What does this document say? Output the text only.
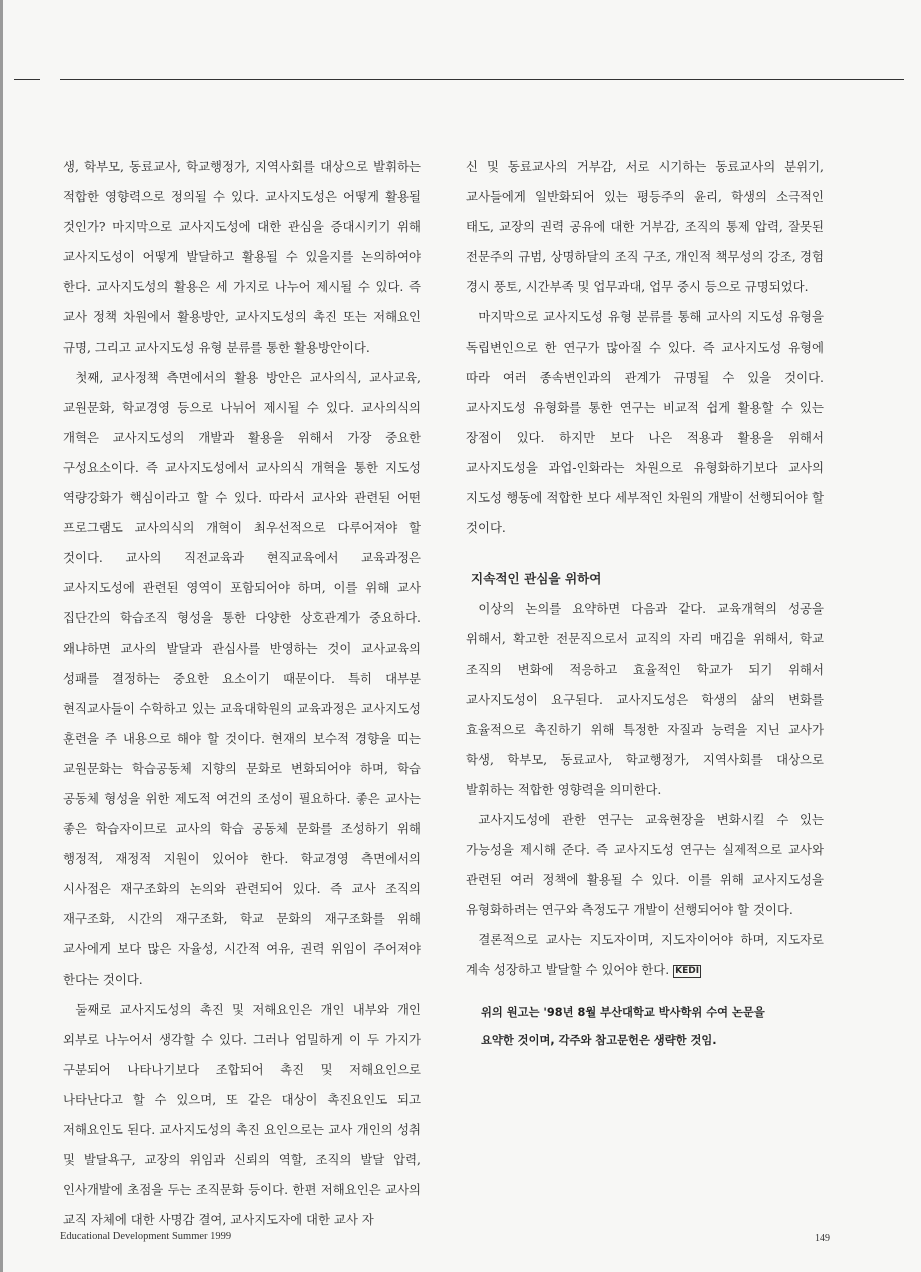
생, 학부모, 동료교사, 학교행정가, 지역사회를 대상으로 발휘하는 적합한 영향력으로 정의될 수 있다. 교사지도성은 어떻게 활용될 것인가? 마지막으로 교사지도성에 대한 관심을 증대시키기 위해 교사지도성이 어떻게 발달하고 활용될 수 있을지를 논의하여야 한다. 교사지도성의 활용은 세 가지로 나누어 제시될 수 있다. 즉 교사 정책 차원에서 활용방안, 교사지도성의 촉진 또는 저해요인 규명, 그리고 교사지도성 유형 분류를 통한 활용방안이다.

첫째, 교사정책 측면에서의 활용 방안은 교사의식, 교사교육, 교원문화, 학교경영 등으로 나뉘어 제시될 수 있다. 교사의식의 개혁은 교사지도성의 개발과 활용을 위해서 가장 중요한 구성요소이다. 즉 교사지도성에서 교사의식 개혁을 통한 지도성 역량강화가 핵심이라고 할 수 있다. 따라서 교사와 관련된 어떤 프로그램도 교사의식의 개혁이 최우선적으로 다루어져야 할 것이다. 교사의 직전교육과 현직교육에서 교육과정은 교사지도성에 관련된 영역이 포함되어야 하며, 이를 위해 교사 집단간의 학습조직 형성을 통한 다양한 상호관계가 중요하다. 왜냐하면 교사의 발달과 관심사를 반영하는 것이 교사교육의 성패를 결정하는 중요한 요소이기 때문이다. 특히 대부분 현직교사들이 수학하고 있는 교육대학원의 교육과정은 교사지도성 훈련을 주 내용으로 해야 할 것이다. 현재의 보수적 경향을 띠는 교원문화는 학습공동체 지향의 문화로 변화되어야 하며, 학습 공동체 형성을 위한 제도적 여건의 조성이 필요하다. 좋은 교사는 좋은 학습자이므로 교사의 학습 공동체 문화를 조성하기 위해 행정적, 재정적 지원이 있어야 한다. 학교경영 측면에서의 시사점은 재구조화의 논의와 관련되어 있다. 즉 교사 조직의 재구조화, 시간의 재구조화, 학교 문화의 재구조화를 위해 교사에게 보다 많은 자율성, 시간적 여유, 권력 위임이 주어져야 한다는 것이다.

둘째로 교사지도성의 촉진 및 저해요인은 개인 내부와 개인 외부로 나누어서 생각할 수 있다. 그러나 엄밀하게 이 두 가지가 구분되어 나타나기보다 조합되어 촉진 및 저해요인으로 나타난다고 할 수 있으며, 또 같은 대상이 촉진요인도 되고 저해요인도 된다. 교사지도성의 촉진 요인으로는 교사 개인의 성취 및 발달욕구, 교장의 위임과 신뢰의 역할, 조직의 발달 압력, 인사개발에 초점을 두는 조직문화 등이다. 한편 저해요인은 교사의 교직 자체에 대한 사명감 결여, 교사지도자에 대한 교사 자

신 및 동료교사의 거부감, 서로 시기하는 동료교사의 분위기, 교사들에게 일반화되어 있는 평등주의 윤리, 학생의 소극적인 태도, 교장의 권력 공유에 대한 거부감, 조직의 통제 압력, 잘못된 전문주의 규범, 상명하달의 조직 구조, 개인적 책무성의 강조, 경험 경시 풍토, 시간부족 및 업무과대, 업무 중시 등으로 규명되었다.

마지막으로 교사지도성 유형 분류를 통해 교사의 지도성 유형을 독립변인으로 한 연구가 많아질 수 있다. 즉 교사지도성 유형에 따라 여러 종속변인과의 관계가 규명될 수 있을 것이다. 교사지도성 유형화를 통한 연구는 비교적 쉽게 활용할 수 있는 장점이 있다. 하지만 보다 나은 적용과 활용을 위해서 교사지도성을 과업-인화라는 차원으로 유형화하기보다 교사의 지도성 행동에 적합한 보다 세부적인 차원의 개발이 선행되어야 할 것이다.

지속적인 관심을 위하여

이상의 논의를 요약하면 다음과 같다. 교육개혁의 성공을 위해서, 확고한 전문직으로서 교직의 자리 매김을 위해서, 학교 조직의 변화에 적응하고 효율적인 학교가 되기 위해서 교사지도성이 요구된다. 교사지도성은 학생의 삶의 변화를 효율적으로 촉진하기 위해 특정한 자질과 능력을 지닌 교사가 학생, 학부모, 동료교사, 학교행정가, 지역사회를 대상으로 발휘하는 적합한 영향력을 의미한다.

교사지도성에 관한 연구는 교육현장을 변화시킬 수 있는 가능성을 제시해 준다. 즉 교사지도성 연구는 실제적으로 교사와 관련된 여러 정책에 활용될 수 있다. 이를 위해 교사지도성을 유형화하려는 연구와 측정도구 개발이 선행되어야 할 것이다.

결론적으로 교사는 지도자이며, 지도자이어야 하며, 지도자로 계속 성장하고 발달할 수 있어야 한다. KEDI

위의 원고는 '98년 8월 부산대학교 박사학위 수여 논문을

요약한 것이며, 각주와 참고문헌은 생략한 것임.

Educational Development Summer 1999	149
